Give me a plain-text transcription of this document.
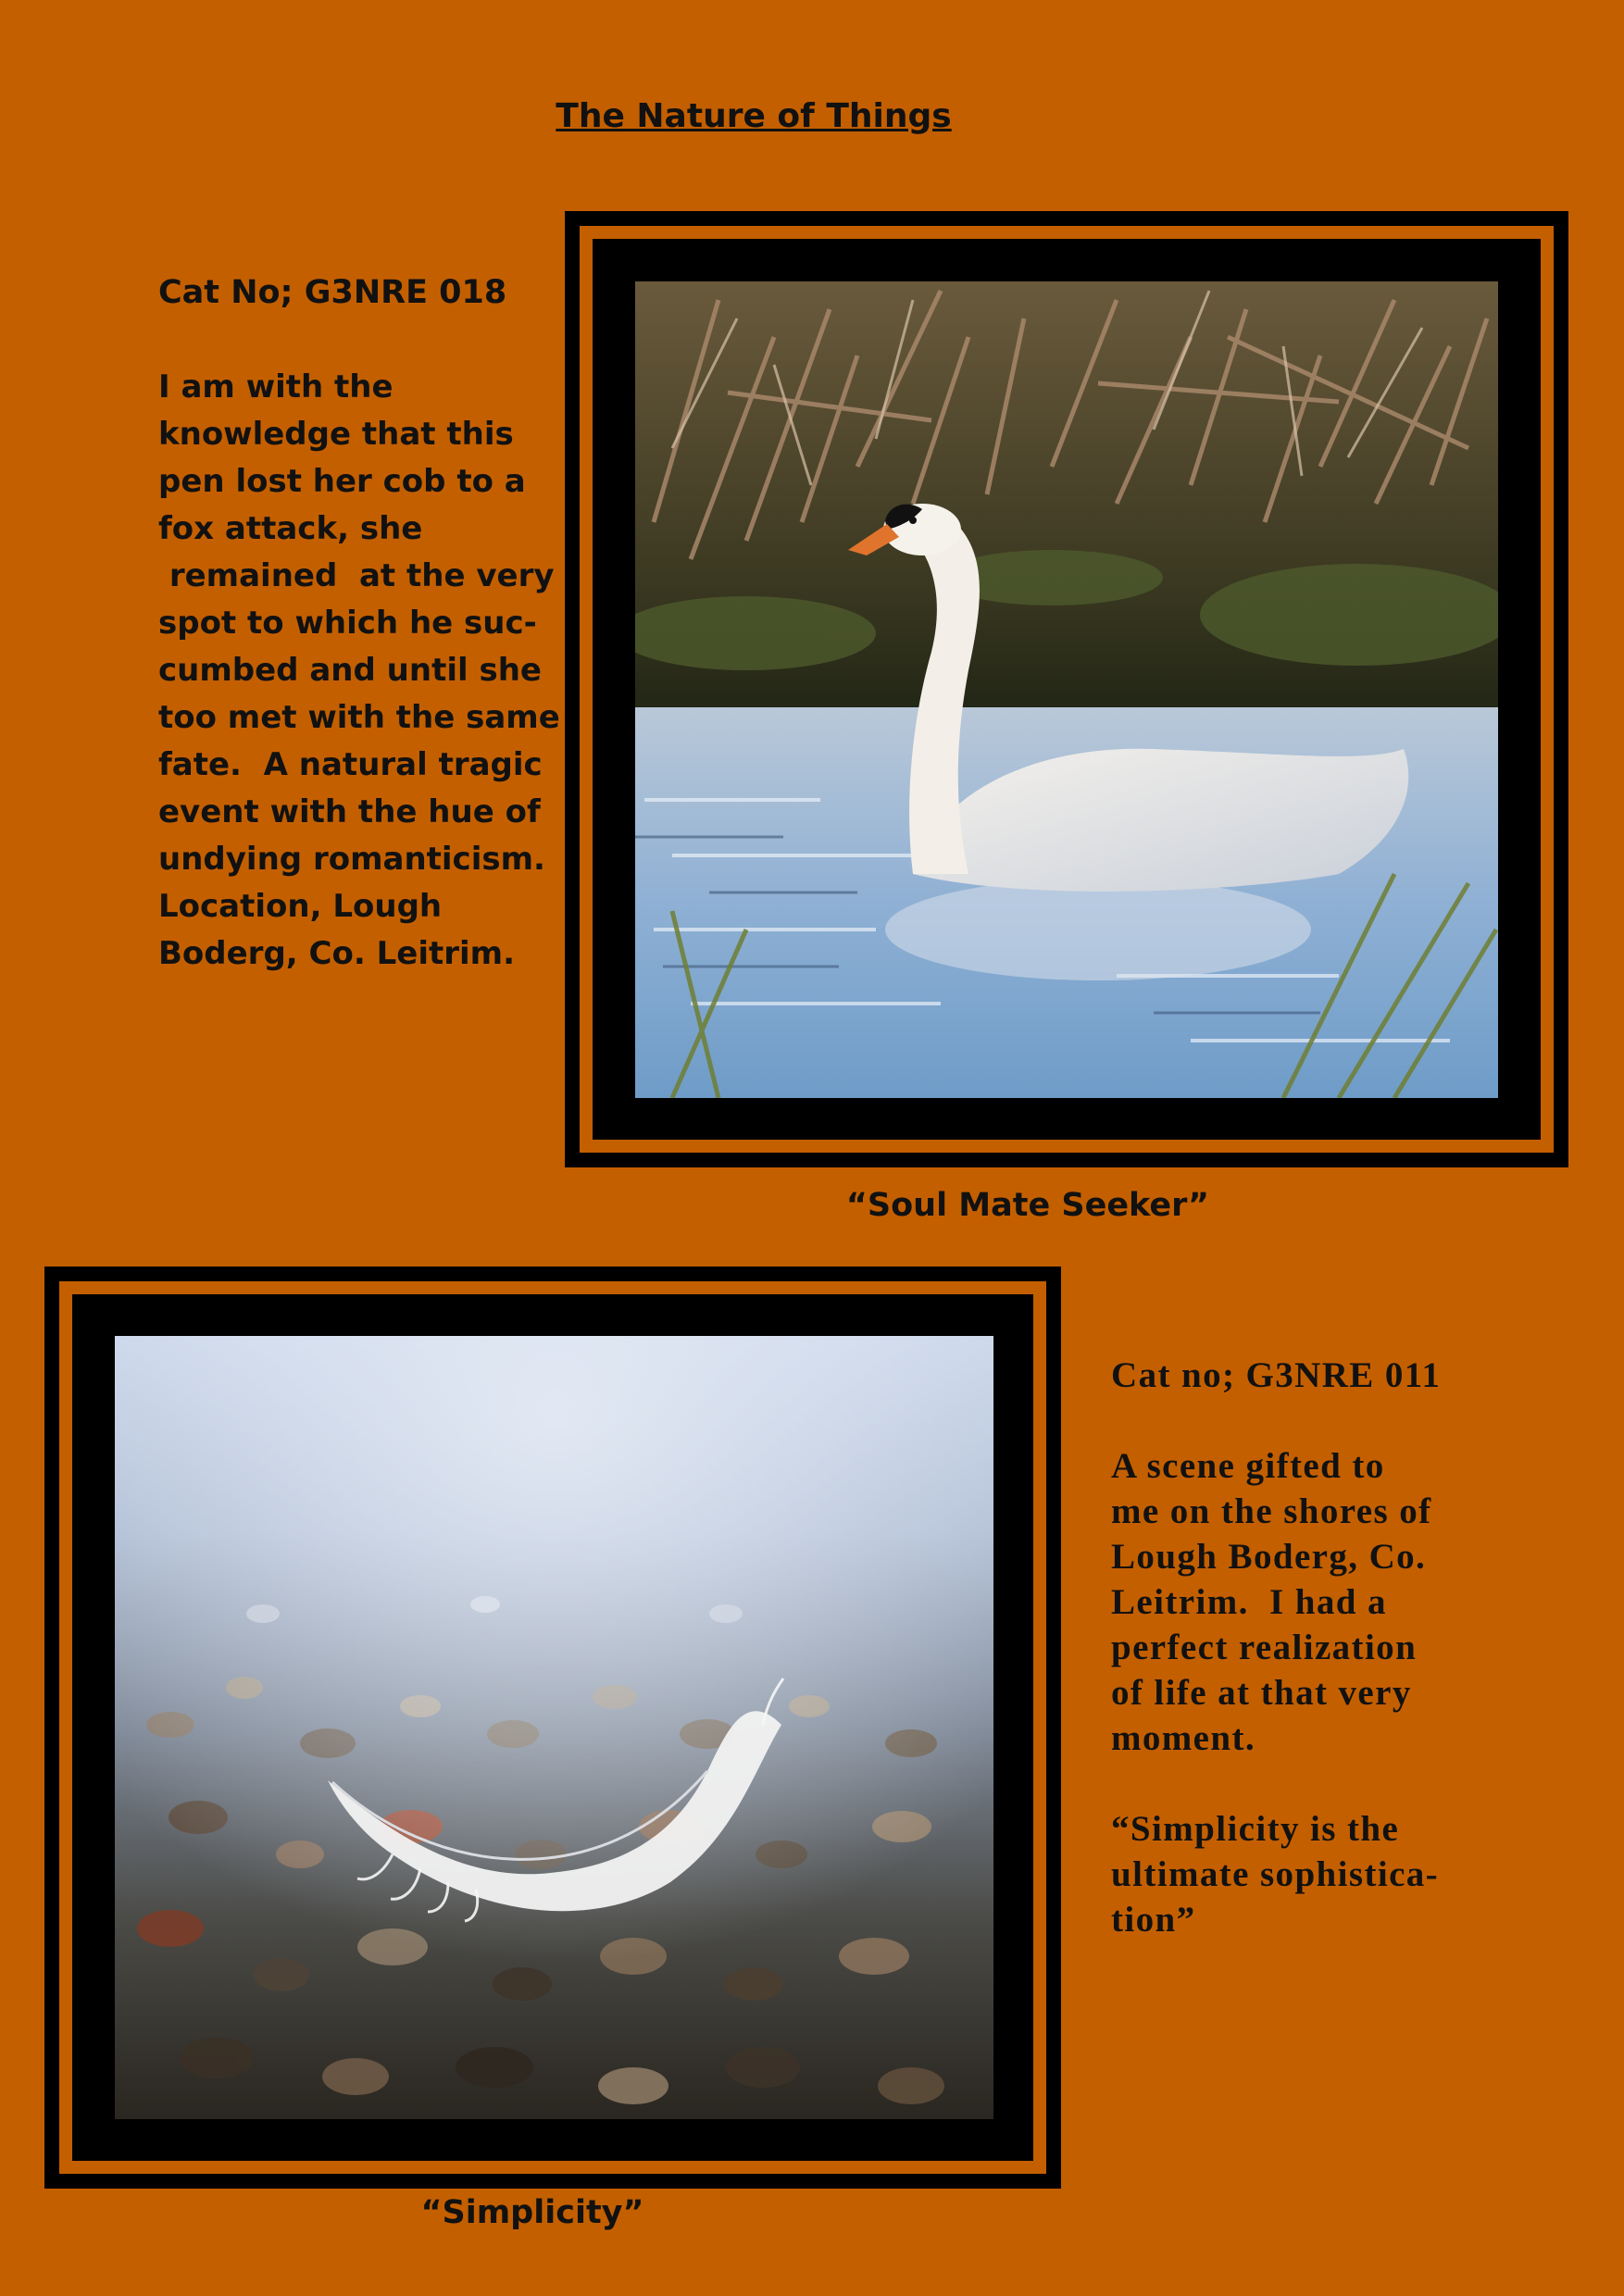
The Nature of Things
Cat No; G3NRE 018
I am with the
knowledge that this
pen lost her cob to a
fox attack, she
remained  at the very
spot to which he suc-
cumbed and until she
too met with the same
fate.  A natural tragic
event with the hue of
undying romanticism.
Location, Lough
Boderg, Co. Leitrim.
“Soul Mate Seeker”
“Simplicity”
Cat no; G3NRE 011
A scene gifted to
me on the shores of
Lough Boderg, Co.
Leitrim.  I had a
perfect realization
of life at that very
moment.
“Simplicity is the
ultimate sophistica-
tion”
